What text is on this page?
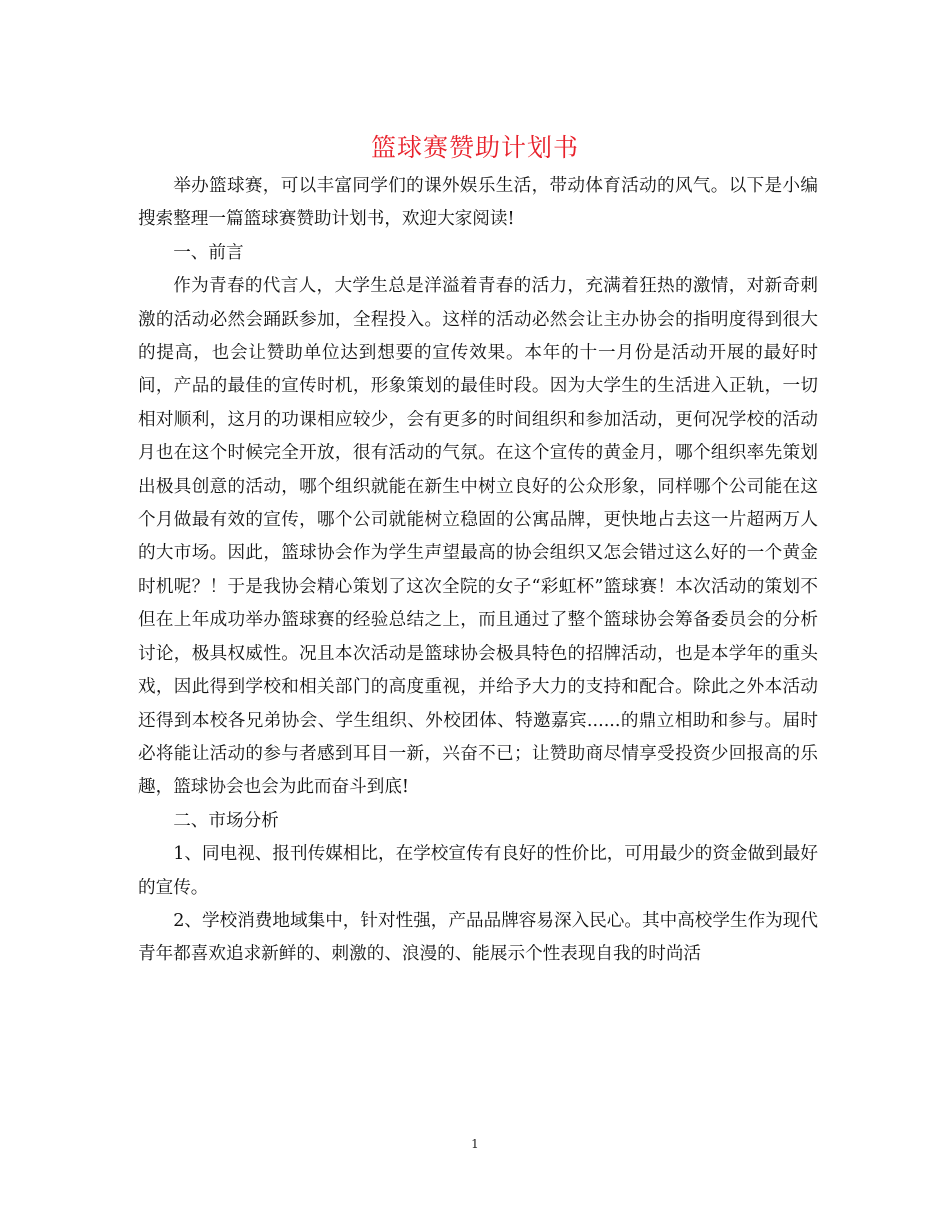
篮球赛赞助计划书

举办篮球赛，可以丰富同学们的课外娱乐生活，带动体育活动的风气。以下是小编搜索整理一篇篮球赛赞助计划书，欢迎大家阅读!

一、前言

作为青春的代言人，大学生总是洋溢着青春的活力，充满着狂热的激情，对新奇刺激的活动必然会踊跃参加，全程投入。这样的活动必然会让主办协会的指明度得到很大的提高，也会让赞助单位达到想要的宣传效果。本年的十一月份是活动开展的最好时间，产品的最佳的宣传时机，形象策划的最佳时段。因为大学生的生活进入正轨，一切相对顺利，这月的功课相应较少，会有更多的时间组织和参加活动，更何况学校的活动月也在这个时候完全开放，很有活动的气氛。在这个宣传的黄金月，哪个组织率先策划出极具创意的活动，哪个组织就能在新生中树立良好的公众形象，同样哪个公司能在这个月做最有效的宣传，哪个公司就能树立稳固的公寓品牌，更快地占去这一片超两万人的大市场。因此，篮球协会作为学生声望最高的协会组织又怎会错过这么好的一个黄金时机呢？！于是我协会精心策划了这次全院的女子“彩虹杯”篮球赛！本次活动的策划不但在上年成功举办篮球赛的经验总结之上，而且通过了整个篮球协会筹备委员会的分析讨论，极具权威性。况且本次活动是篮球协会极具特色的招牌活动，也是本学年的重头戏，因此得到学校和相关部门的高度重视，并给予大力的支持和配合。除此之外本活动还得到本校各兄弟协会、学生组织、外校团体、特邀嘉宾......的鼎立相助和参与。届时必将能让活动的参与者感到耳目一新，兴奋不已；让赞助商尽情享受投资少回报高的乐趣，篮球协会也会为此而奋斗到底!

二、市场分析

1、同电视、报刊传媒相比，在学校宣传有良好的性价比，可用最少的资金做到最好的宣传。

2、学校消费地域集中，针对性强，产品品牌容易深入民心。其中高校学生作为现代青年都喜欢追求新鲜的、刺激的、浪漫的、能展示个性表现自我的时尚活

1
